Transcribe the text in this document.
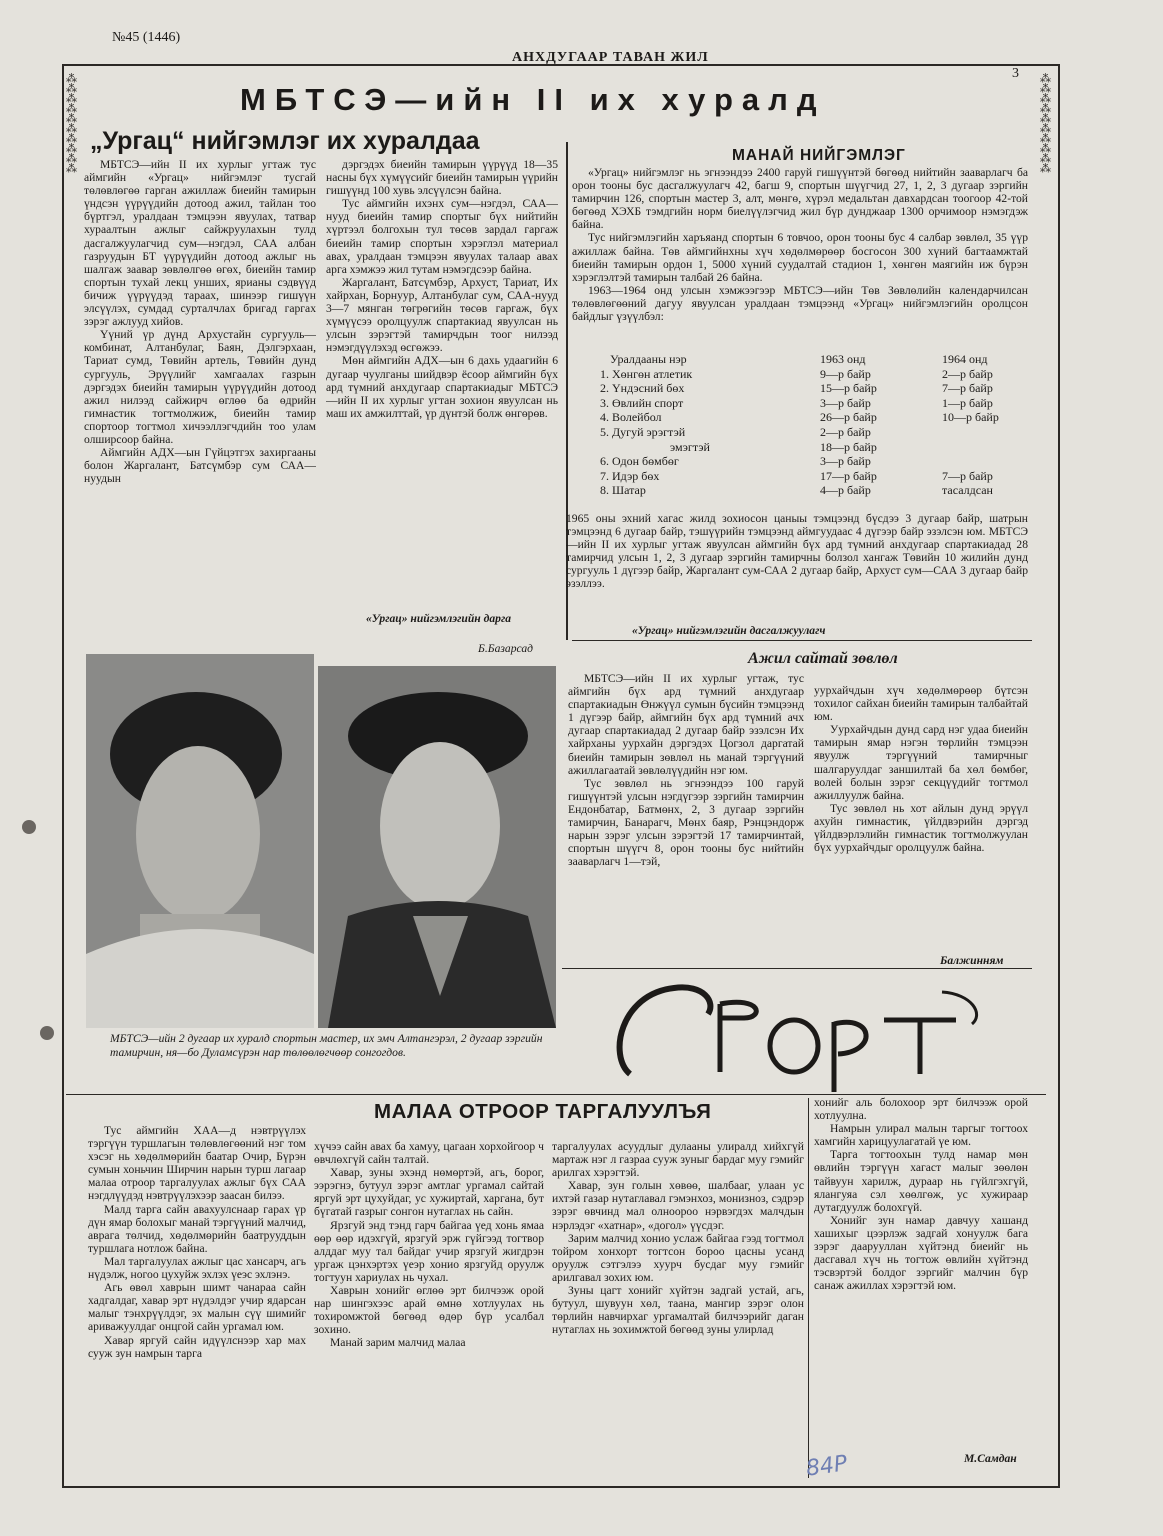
№45 (1446)
АНХДУГААР ТАВАН ЖИЛ
3
⁂
⁂
⁂
⁂
⁂
⁂
⁂
⁂
⁂
⁂
⁂
⁂
⁂
⁂
⁂
⁂
⁂
⁂
⁂
⁂
МБТСЭ—ийн II их хуралд
„Ургац“ нийгэмлэг их хуралдаа

МБТСЭ—ийн II их хурлыг угтаж тус аймгийн «Ургац» нийгэмлэг тусгай төлөвлөгөө гарган ажиллаж биеийн тамирын үндсэн үүрүүдийн дотоод ажил, тайлан тоо бүртгэл, уралдаан тэмцээн явуулах, татвар хураалтын ажлыг сайжруулахын тулд дасгалжуулагчид сум—нэгдэл, САА албан газруудын БТ үүрүүдийн дотоод ажлыг нь шалгаж заавар зөвлөлгөө өгөх, биеийн тамир спортын тухай лекц унших, ярианы сэдвүүд бичиж үүрүүдэд тараах, шинээр гишүүн элсүүлэх, сумдад сурталчлах бригад гаргах зэрэг ажлууд хийов.

Үүний үр дүнд Архустайн сургууль—комбинат, Алтанбулаг, Баян, Дэлгэрхаан, Тариат сумд, Төвийн артель, Төвийн дунд сургууль, Эрүүлийг хамгаалах газрын дэргэдэх биеийн тамирын үүрүүдийн дотоод ажил нилээд сайжирч өглөө ба өдрийн гимнастик тогтмолжиж, биеийн тамир спортоор тогтмол хичээллэгчдийн тоо улам олширсоор байна.

Аймгийн АДХ—ын Гүйцэтгэх захиргааны болон Жаргалант, Батсүмбэр сум САА—нуудын

дэргэдэх биеийн тамирын үүрүүд 18—35 насны бүх хүмүүсийг биеийн тамирын үүрийн гишүүнд 100 хувь элсүүлсэн байна.

Тус аймгийн ихэнх сум—нэгдэл, САА—нууд биеийн тамир спортыг бүх нийтийн хүртээл болгохын тул төсөв зардал гаргаж биеийн тамир спортын хэрэглэл материал авах, уралдаан тэмцээн явуулах талаар авах арга хэмжээ жил тутам нэмэгдсээр байна.

Жаргалант, Батсүмбэр, Архуст, Тариат, Их хайрхан, Борнуур, Алтанбулаг сум, САА-нууд 3—7 мянган төгрөгийн төсөв гаргаж, бүх хүмүүсээ оролцуулж спартакиад явуулсан нь улсын зэрэгтэй тамирчдын тоог нилээд нэмэгдүүлэхэд өсгөжээ.

Мөн аймгийн АДХ—ын 6 дахь удаагийн 6 дугаар чуулганы шийдвэр ёсоор аймгийн бүх ард түмний анхдугаар спартакиадыг МБТСЭ—ийн II их хурлыг угтан зохион явуулсан нь маш их амжилттай, үр дүнтэй болж өнгөрөв.

«Ургац» нийгэмлэгийн дарга
Б.Базарсад
МАНАЙ НИЙГЭМЛЭГ

«Ургац» нийгэмлэг нь эгнээндээ 2400 гаруй гишүүнтэй бөгөөд нийтийн зааварлагч ба орон тооны бус дасгалжуулагч 42, багш 9, спортын шүүгчид 27, 1, 2, 3 дугаар зэргийн тамирчин 126, спортын мастер 3, алт, мөнгө, хүрэл медальтан давхардсан тоогоор 42-той бөгөөд ХЭХБ тэмдгийн норм биелүүлэгчид жил бүр дунджаар 1300 орчимоор нэмэгдэж байна.

Тус нийгэмлэгийн харъяанд спортын 6 товчоо, орон тооны бус 4 салбар зөвлөл, 35 үүр ажиллаж байна. Төв аймгийнхны хүч хөдөлмөрөөр босгосон 300 хүний багтаамжтай биеийн тамирын ордон 1, 5000 хүний суудалтай стадион 1, хөнгөн маягийн иж бүрэн хэрэглэлтэй тамирын талбай 26 байна.

1963—1964 онд улсын хэмжээгээр МБТСЭ—ийн Төв Зөвлөлийн календарчилсан төлөвлөгөөний дагуу явуулсан уралдаан тэмцээнд «Ургац» нийгэмлэгийн оролцсон байдлыг үзүүлбэл:

Уралдааны нэр	1963 онд	1964 онд
1. Хөнгөн атлетик	9—р байр	2—р байр
2. Үндэсний бөх	15—р байр	7—р байр
3. Өвлийн спорт	3—р байр	1—р байр
4. Волейбол	26—р байр	10—р байр
5. Дугуй эрэгтэй	2—р байр	
эмэгтэй	18—р байр	
6. Одон бөмбөг	3—р байр	
7. Идэр бөх	17—р байр	7—р байр
8. Шатар	4—р байр	тасалдсан

1965 оны эхний хагас жилд зохиосон цаныы тэмцээнд бүсдээ 3 дугаар байр, шатрын тэмцээнд 6 дугаар байр, тэшүүрийн тэмцээнд аймгуудаас 4 дүгээр байр эзэлсэн юм. МБТСЭ—ийн II их хурлыг угтаж явуулсан аймгийн бүх ард түмний анхдугаар спартакиадад 28 тамирчид улсын 1, 2, 3 дугаар зэргийн тамирчны болзол хангаж Төвийн 10 жилийн дунд сургууль 1 дүгээр байр, Жаргалант сум-САА 2 дугаар байр, Архуст сум—САА 3 дугаар байр эзэллээ.

«Ургац» нийгэмлэгийн дасгалжуулагч
Ажил сайтай зөвлөл

МБТСЭ—ийн II их хурлыг угтаж, тус аймгийн бүх ард түмний анхдугаар спартакиадын Өнжүүл сумын бүсийн тэмцээнд 1 дүгээр байр, аймгийн бүх ард түмний ачх дугаар спартакиадад 2 дугаар байр эзэлсэн Их хайрханы уурхайн дэргэдэх Цогзол даргатай биеийн тамирын зөвлөл нь манай тэргүүний ажиллагаатай зөвлөлүүдийн нэг юм.

Тус зөвлөл нь эгнээндээ 100 гаруй гишүүнтэй улсын нэгдүгээр зэргийн тамирчин Ендонбатар, Батмөнх, 2, 3 дугаар зэргийн тамирчин, Банарагч, Мөнх баяр, Рэнцэндорж нарын зэрэг улсын зэрэгтэй 17 тамирчинтай, спортын шүүгч 8, орон тооны бус нийтийн зааварлагч 1—тэй,

уурхайчдын хүч хөдөлмөрөөр бүтсэн тохилог сайхан биеийн тамирын талбайтай юм.

Уурхайчдын дунд сард нэг удаа биеийн тамирын ямар нэгэн төрлийн тэмцээн явуулж тэргүүний тамирчныг шалгаруулдаг заншилтай ба хөл бөмбөг, волей болын зэрэг секцүүдийг тогтмол ажиллуулж байна.

Тус зөвлөл нь хот айлын дунд эрүүл ахуйн гимнастик, үйлдвэрийн дэргэд үйлдвэрлэлийн гимнастик тогтмолжуулан бүх уурхайчдыг оролцуулж байна.

Балжинням
МБТСЭ—ийн 2 дугаар их хуралд спортын мастер, их эмч Алтангэрэл, 2 дугаар зэргийн тамирчин, ня—бо Дуламсүрэн нар төлөөлөгчөөр сонгогдов.
МАЛАА ОТРООР ТАРГАЛУУЛЪЯ

Тус аймгийн ХАА—д нэвтрүүлэх тэргүүн туршлагын төлөвлөгөөний нэг том хэсэг нь хөдөлмөрийн баатар Очир, Бүрэн сумын хоньчин Ширчин нарын турш лагаар малаа отроор таргалуулах ажлыг бүх САА нэгдлүүдэд нэвтрүүлэхээр заасан билээ.

Малд тарга сайн авахуулснаар гарах үр дүн ямар болохыг манай тэргүүний малчид, аврага төлчид, хөдөлмөрийн баатрууддын туршлага нотлож байна.

Мал таргалуулах ажлыг цас хансарч, агь нүдэлж, ногоо цухуйж эхлэх үеэс эхлэнэ.

Агь өвөл хаврын шимт чанараа сайн хадгалдаг, хавар эрт нүдэлдэг учир ядарсан малыг тэнхрүүлдэг, эх малын сүү шимийг ариважуулдаг онцгой сайн ургамал юм.

Хавар яргуй сайн идүүлснээр хар мах сууж зун намрын тарга

хүчээ сайн авах ба хамуу, цагаан хорхойгоор ч өвчлөхгүй сайн талтай.

Хавар, зуны эхэнд нөмөртэй, агь, борог, ээрэгнэ, бутуул зэрэг амтлаг ургамал сайтай яргуй эрт цухуйдаг, ус хужиртай, харгана, бут бүгатай газрыг сонгон нутаглах нь сайн.

Ярзгуй энд тэнд гарч байгаа үед хонь ямаа өөр өөр идэхгүй, ярзгуй эрж гүйгээд тогтвор алддаг муу тал байдаг учир ярзгуй жигдрэн ургаж цэнхэртэх үеэр хонио ярзгуйд оруулж тогтуун хариулах нь чухал.

Хаврын хонийг өглөө эрт билчээж орой нар шингэхээс арай өмнө хотлуулах нь тохиромжтой бөгөөд өдөр бүр усалбал зохино.

Манай зарим малчид малаа

таргалуулах асуудлыг дулааны улиралд хийхгүй мартаж нэг л газраа сууж зуныг бардаг муу гэмийг арилгах хэрэгтэй.

Хавар, зун голын хөвөө, шалбааг, улаан ус ихтэй газар нутаглавал гэмэнхоз, монизноз, сэдрэр зэрэг өвчинд мал олноороо нэрвэгдэх малчдын нэрлэдэг «хатнар», «догол» үүсдэг.

Зарим малчид хонио услаж байгаа гээд тогтмол тойром хонхорт тогтсон бороо цасны усанд оруулж сэтгэлээ хуурч бусдаг муу гэмийг арилгавал зохих юм.

Зуны цагт хонийг хүйтэн задгай устай, агь, бутуул, шувуун хөл, таана, мангир зэрэг олон төрлийн навчирхаг ургамалтай билчээрийг даган нутаглах нь зохимжтой бөгөөд зуны улирлад

хонийг аль болохоор эрт билчээж орой хотлуулна.

Намрын улирал малын таргыг тогтоох хамгийн харицуулагатай үе юм.

Тарга тогтоохын тулд намар мөн өвлийн тэргүүн хагаст малыг зөөлөн тайвуун харилж, дураар нь гүйлгэхгүй, ялангуяа сэл хөөлгөж, ус хужираар дутагдуулж болохгүй.

Хонийг зун намар давчуу хашанд хашихыг цээрлэж задгай хонуулж бага зэрэг даарууллан хүйтэнд биеийг нь дасгавал хүч нь тогтож өвлийн хүйтэнд тэсвэртэй болдог зэргийг малчин бүр санаж ажиллах хэрэгтэй юм.

М.Самдан
84P
